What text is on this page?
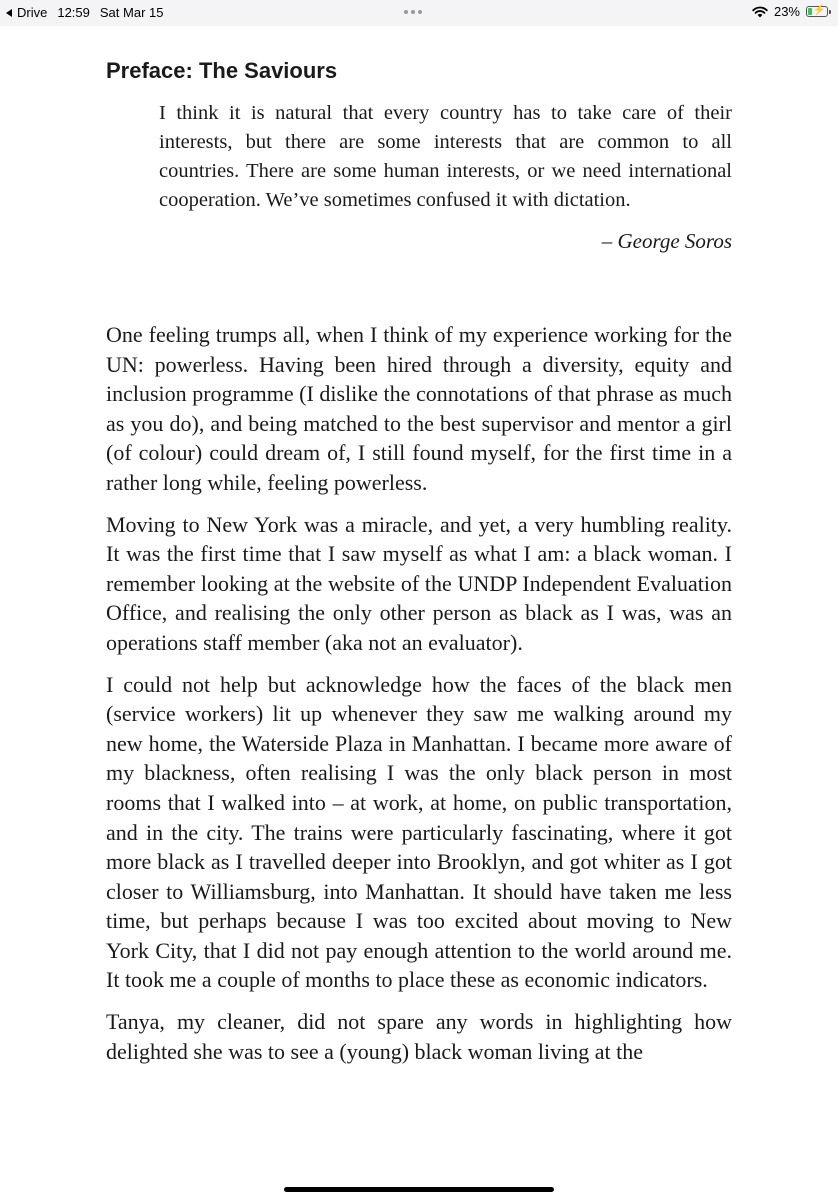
Drive 12:59 Sat Mar 15	23% ⚡
Preface: The Saviours
I think it is natural that every country has to take care of their interests, but there are some interests that are common to all countries. There are some human interests, or we need international cooperation. We’ve sometimes confused it with dictation.
– George Soros

One feeling trumps all, when I think of my experience working for the UN: powerless. Having been hired through a diversity, equity and inclusion programme (I dislike the connotations of that phrase as much as you do), and being matched to the best supervisor and mentor a girl (of colour) could dream of, I still found myself, for the first time in a rather long while, feeling powerless.

Moving to New York was a miracle, and yet, a very humbling reality. It was the first time that I saw myself as what I am: a black woman. I remember looking at the website of the UNDP Independent Evaluation Office, and realising the only other person as black as I was, was an operations staff member (aka not an evaluator).

I could not help but acknowledge how the faces of the black men (service workers) lit up whenever they saw me walking around my new home, the Waterside Plaza in Manhattan. I became more aware of my blackness, often realising I was the only black person in most rooms that I walked into – at work, at home, on public transportation, and in the city. The trains were particularly fascinating, where it got more black as I travelled deeper into Brooklyn, and got whiter as I got closer to Williamsburg, into Manhattan. It should have taken me less time, but perhaps because I was too excited about moving to New York City, that I did not pay enough attention to the world around me. It took me a couple of months to place these as economic indicators.

Tanya, my cleaner, did not spare any words in highlighting how delighted she was to see a (young) black woman living at the
